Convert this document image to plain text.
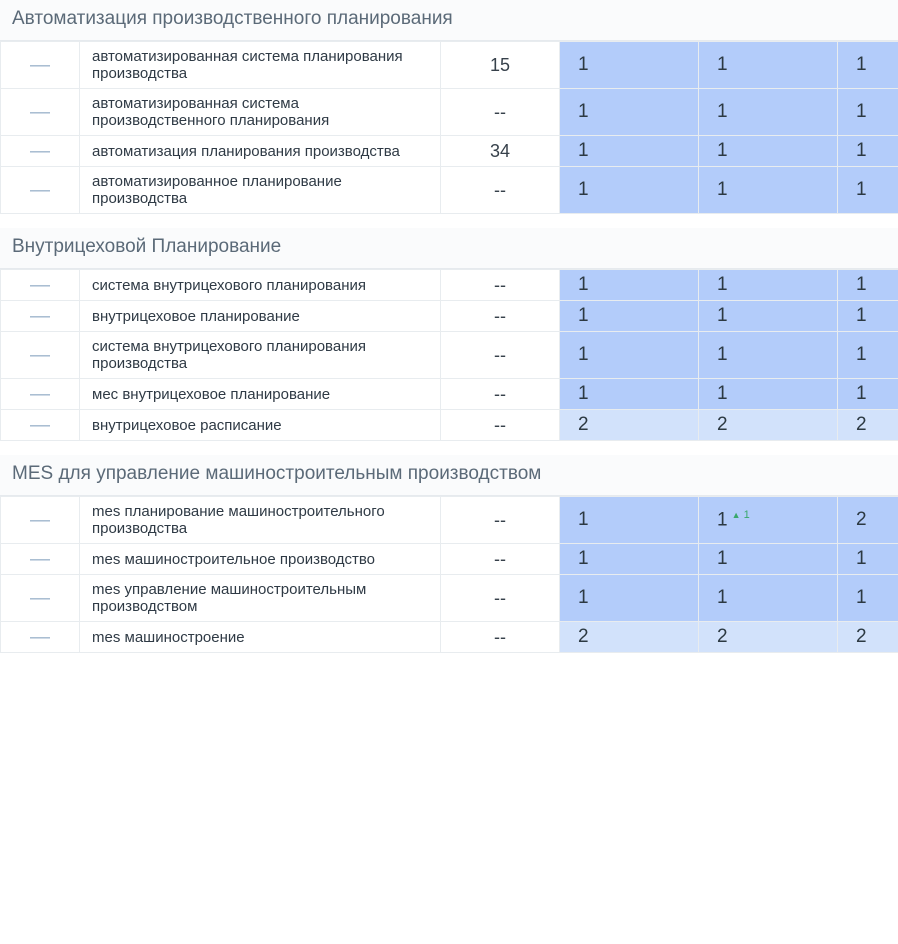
Автоматизация производственного планирования
—	автоматизированная система планирования производства	15	1	1	1
—	автоматизированная система производственного планирования	--	1	1	1
—	автоматизация планирования производства	34	1	1	1
—	автоматизированное планирование производства	--	1	1	1
Внутрицеховой Планирование
—	система внутрицехового планирования	--	1	1	1
—	внутрицеховое планирование	--	1	1	1
—	система внутрицехового планирования производства	--	1	1	1
—	мес внутрицеховое планирование	--	1	1	1
—	внутрицеховое расписание	--	2	2	2
MES для управление машиностроительным производством
—	mes планирование машиностроительного производства	--	1	1 $^{▲ 1}$	2
—	mes машиностроительное производство	--	1	1	1
—	mes управление машиностроительным производством	--	1	1	1
—	mes машиностроение	--	2	2	2
